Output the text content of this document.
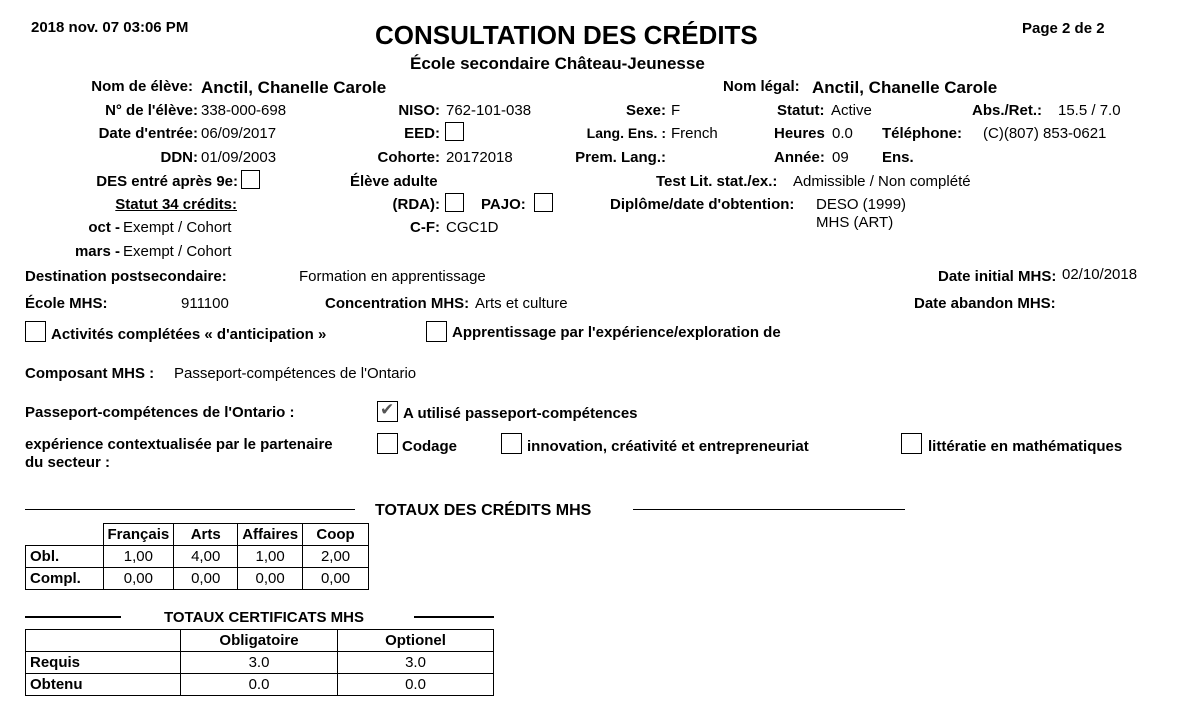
2018 nov. 07 03:06 PM	CONSULTATION DES CRÉDITS
École secondaire Château-Jeunesse
Page 2 de 2
Nom de élève: Anctil, Chanelle Carole	Nom légal: Anctil, Chanelle Carole
N° de l'élève: 338-000-698	NISO: 762-101-038	Sexe: F	Statut: Active	Abs./Ret.: 15.5 / 7.0
Date d'entrée: 06/09/2017	EED:	Lang. Ens. : French	Heures 0.0 Téléphone: (C)(807) 853-0621
DDN: 01/09/2003	Cohorte: 20172018	Prem. Lang.:	Année: 09 Ens.
DES entré après 9e:	Élève adulte	Test Lit. stat./ex.: Admissible / Non complété
Statut 34 crédits:	(RDA):	PAJO:	Diplôme/date d'obtention: DESO (1999)
MHS (ART)
oct - Exempt / Cohort	C-F: CGC1D
mars - Exempt / Cohort
Destination postsecondaire:	Formation en apprentissage	Date initial MHS: 02/10/2018
École MHS:	911100	Concentration MHS: Arts et culture	Date abandon MHS:
Activités complétées « d'anticipation »	Apprentissage par l'expérience/exploration de
Composant MHS : Passeport-compétences de l'Ontario
Passeport-compétences de l'Ontario :	✔ A utilisé passeport-compétences
expérience contextualisée par le partenaire
du secteur :
Codage	innovation, créativité et entrepreneuriat	littératie en mathématiques
TOTAUX DES CRÉDITS MHS
	Français	Arts	Affaires	Coop
Obl.	1,00	4,00	1,00	2,00
Compl.	0,00	0,00	0,00	0,00
TOTAUX CERTIFICATS MHS
	Obligatoire	Optionel
Requis	3.0	3.0
Obtenu	0.0	0.0
